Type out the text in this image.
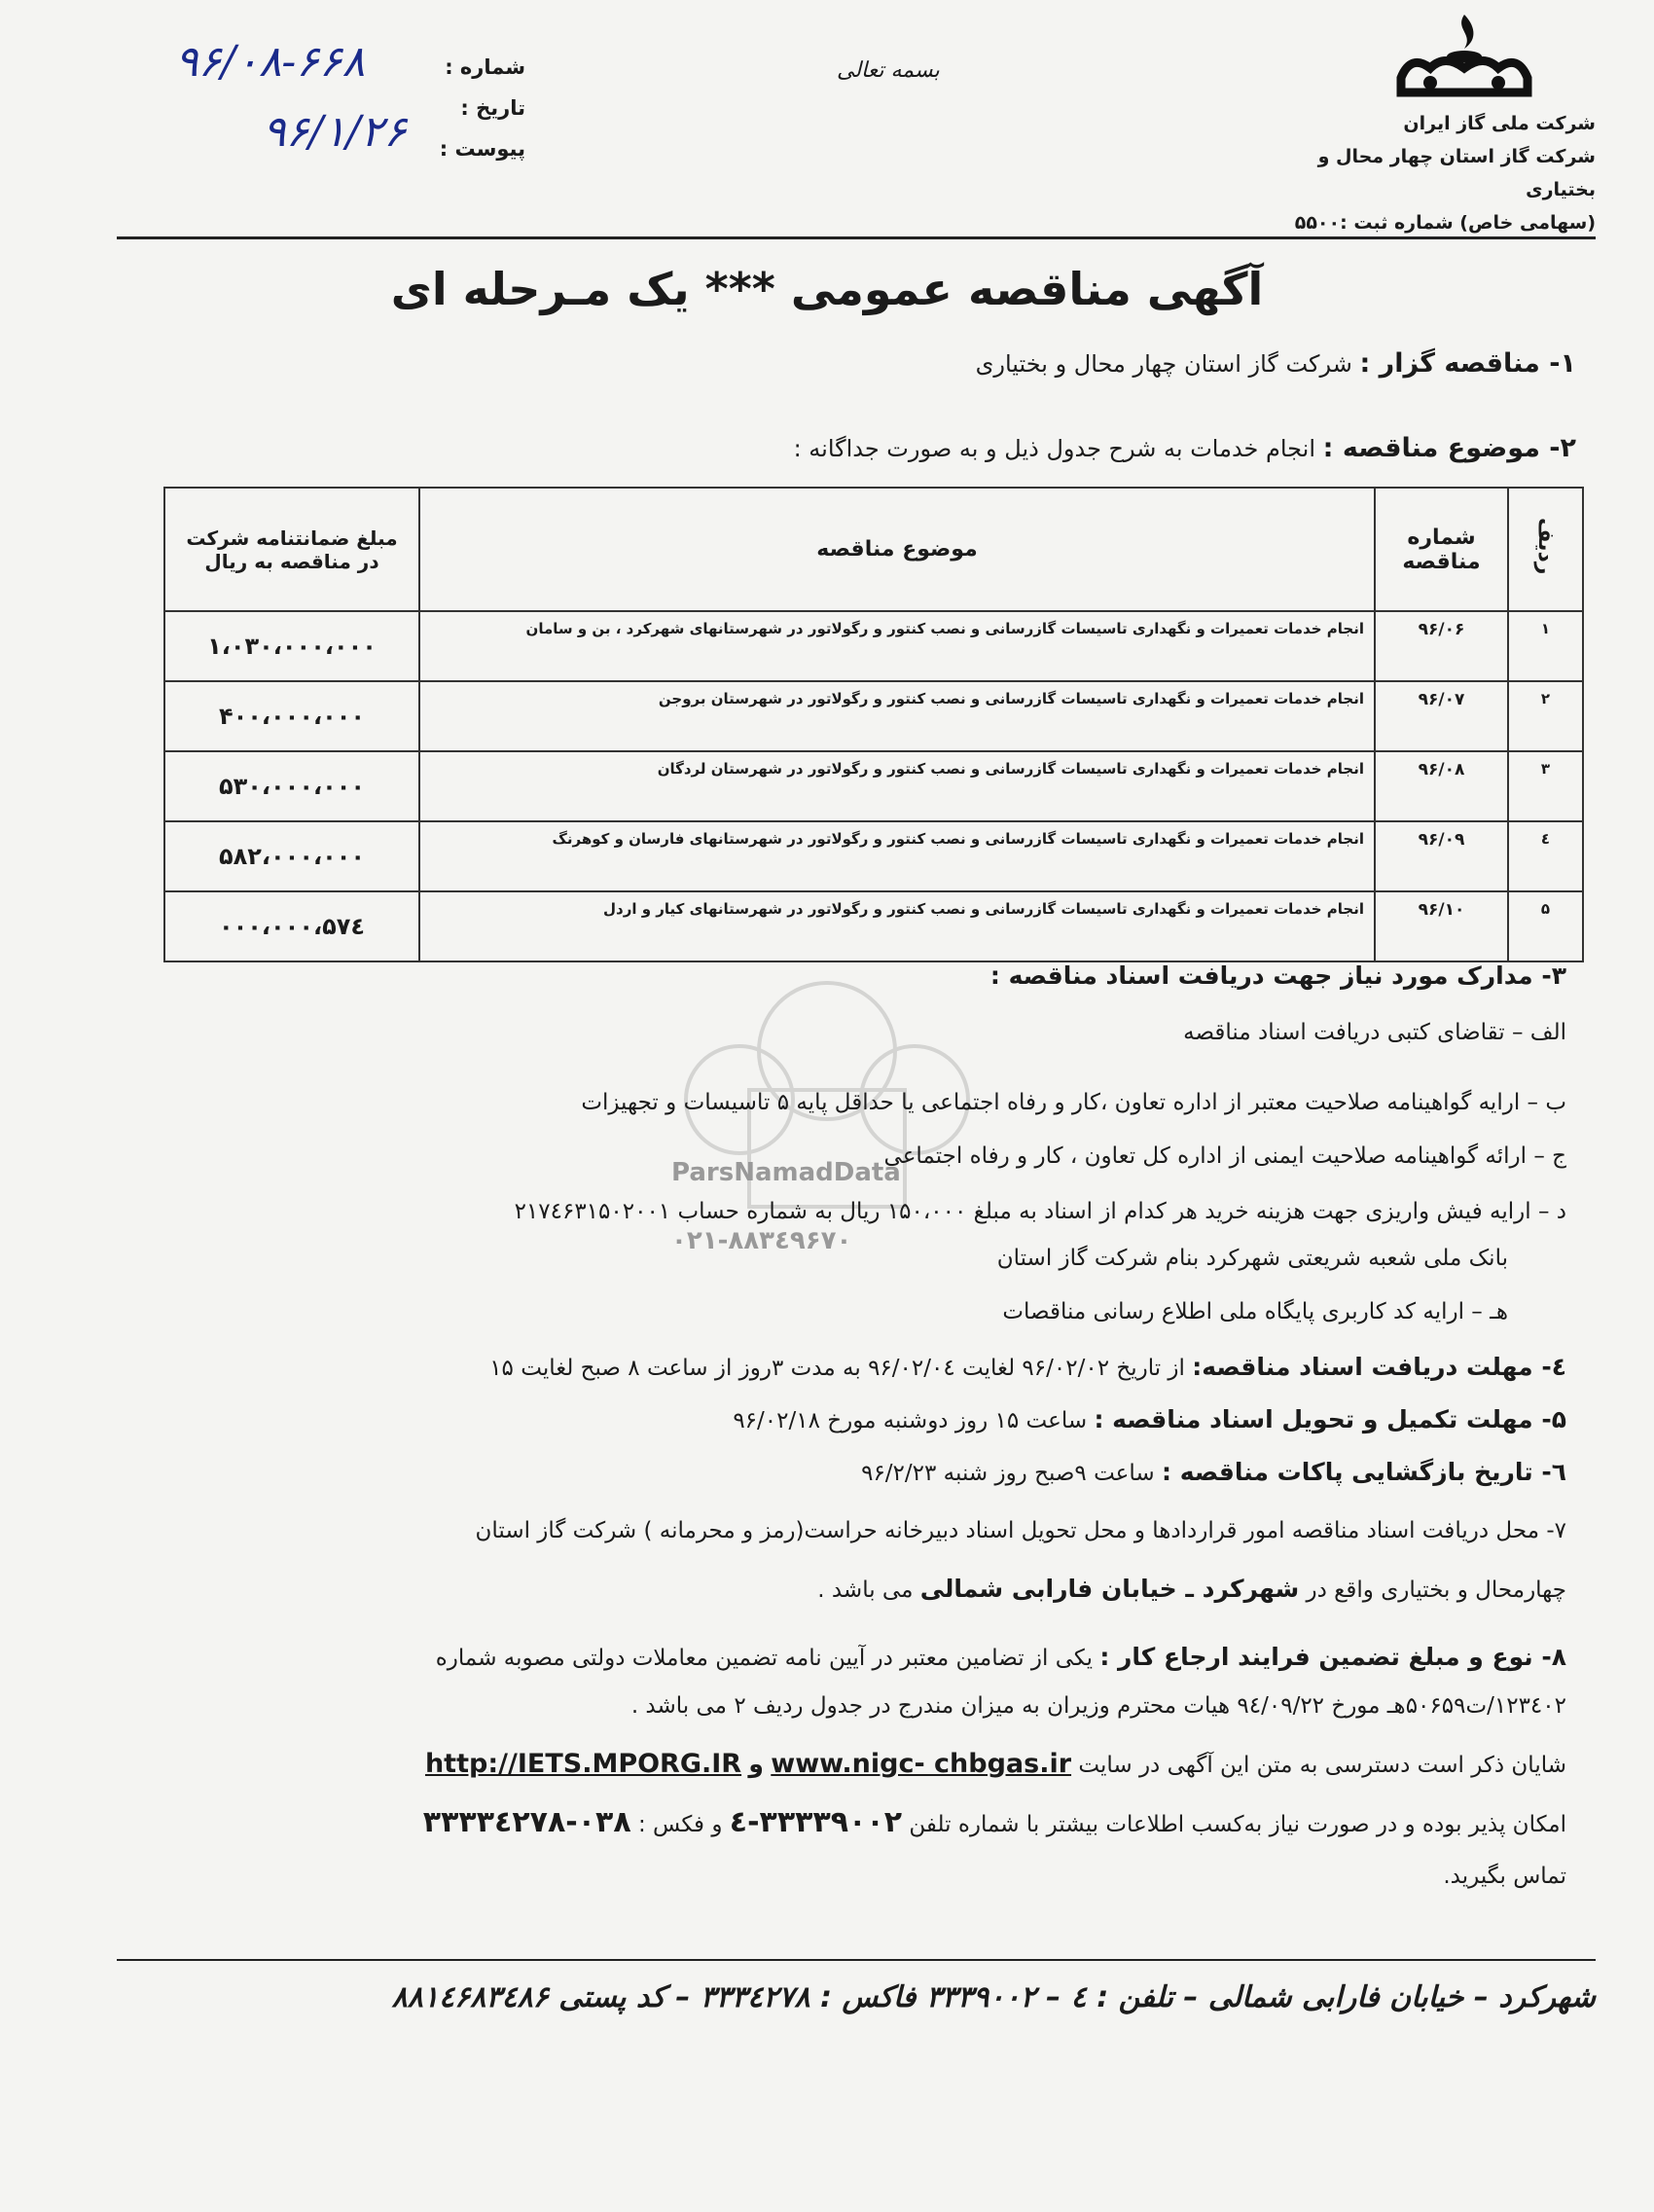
شرکت ملی گاز ایران
شرکت گاز استان چهار محال و بختیاری
(سهامی خاص) شماره ثبت :۵۵۰۰
بسمه تعالی
شماره :
تاریخ :
پیوست :
۹۶/۰۸-۶۶۸
۹۶/۱/۲۶
آگهی مناقصه عمومی *** یک مـرحله ای
۱- مناقصه گزار : شرکت گاز استان چهار محال و بختیاری
۲- موضوع مناقصه : انجام خدمات به شرح جدول ذیل و به صورت جداگانه :
ردیف	شماره مناقصه	موضوع مناقصه	مبلغ ضمانتنامه شرکت در مناقصه به ریال
۱	۹۶/۰۶	انجام خدمات تعمیرات و نگهداری تاسیسات گازرسانی و نصب کنتور و رگولاتور در شهرستانهای شهرکرد ، بن و سامان	۱،۰۳۰،۰۰۰،۰۰۰
۲	۹۶/۰۷	انجام خدمات تعمیرات و نگهداری تاسیسات گازرسانی و نصب کنتور و رگولاتور در شهرستان بروجن	۴۰۰،۰۰۰،۰۰۰
۳	۹۶/۰۸	انجام خدمات تعمیرات و نگهداری تاسیسات گازرسانی و نصب کنتور و رگولاتور در شهرستان لردگان	۵۳۰،۰۰۰،۰۰۰
٤	۹۶/۰۹	انجام خدمات تعمیرات و نگهداری تاسیسات گازرسانی و نصب کنتور و رگولاتور در شهرستانهای فارسان و کوهرنگ	۵۸۲،۰۰۰،۰۰۰
۵	۹۶/۱۰	انجام خدمات تعمیرات و نگهداری تاسیسات گازرسانی و نصب کنتور و رگولاتور در شهرستانهای کیار و اردل	۵۷٤،۰۰۰،۰۰۰
ParsNamadData
۰۲۱-۸۸۳٤۹۶۷۰
۳- مدارک مورد نیاز جهت دریافت اسناد مناقصه :
الف – تقاضای کتبی دریافت اسناد مناقصه
ب – ارایه گواهینامه صلاحیت معتبر از اداره تعاون ،کار و رفاه اجتماعی یا حداقل پایه ۵ تاسیسات و تجهیزات
ج – ارائه گواهینامه صلاحیت ایمنی از اداره کل تعاون ، کار و رفاه اجتماعی
د – ارایه فیش واریزی جهت هزینه خرید هر کدام از اسناد به مبلغ ۱۵۰،۰۰۰ ریال به شماره حساب ۲۱۷٤۶۳۱۵۰۲۰۰۱
بانک ملی شعبه شریعتی شهرکرد بنام شرکت گاز استان
هـ – ارایه کد کاربری پایگاه ملی اطلاع رسانی مناقصات
٤- مهلت دریافت اسناد مناقصه: از تاریخ ۹۶/۰۲/۰۲ لغایت ۹۶/۰۲/۰٤ به مدت ۳روز از ساعت ۸ صبح لغایت ۱۵
۵- مهلت تکمیل و تحویل اسناد مناقصه : ساعت ۱۵ روز دوشنبه مورخ ۹۶/۰۲/۱۸
٦- تاریخ بازگشایی پاکات مناقصه : ساعت ۹صبح روز شنبه ۹۶/۲/۲۳
۷- محل دریافت اسناد مناقصه امور قراردادها و محل تحویل اسناد دبیرخانه حراست(رمز و محرمانه ) شرکت گاز استان
چهارمحال و بختیاری واقع در شهرکرد ـ خیابان فارابی شمالی می باشد .
۸- نوع و مبلغ تضمین فرایند ارجاع کار : یکی از تضامین معتبر در آیین نامه تضمین معاملات دولتی مصوبه شماره
۱۲۳٤۰۲/ت۵۰۶۵۹هـ مورخ ۹٤/۰۹/۲۲ هیات محترم وزیران به میزان مندرج در جدول ردیف ۲ می باشد .
شایان ذکر است دسترسی به متن این آگهی در سایت www.nigc- chbgas.ir و http://IETS.MPORG.IR
امکان پذیر بوده و در صورت نیاز به‌کسب اطلاعات بیشتر با شماره تلفن ۳۳۳۳۹۰۰۲-٤ و فکس : ۰۳۸-۳۳۳۳٤۲۷۸
تماس بگیرید.
شهرکرد – خیابان فارابی شمالی – تلفن : ٤ – ۳۳۳۹۰۰۲ فاکس : ۳۳۳٤۲۷۸ – کد پستی ۸۸۱٤۶۸۳٤۸۶
